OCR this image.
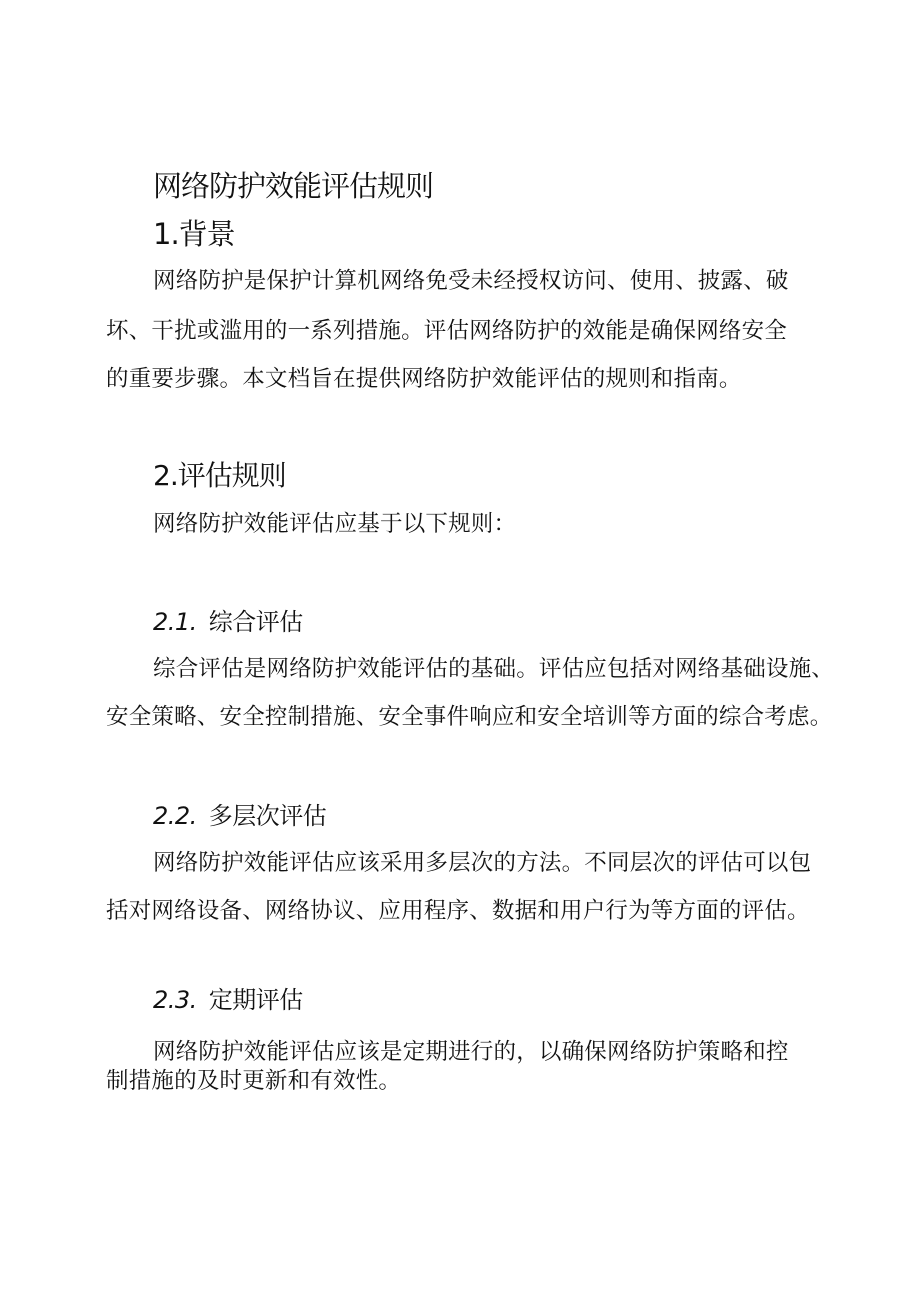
网络防护效能评估规则
1.背景
网络防护是保护计算机网络免受未经授权访问、使用、披露、破
坏、干扰或滥用的一系列措施。评估网络防护的效能是确保网络安全
的重要步骤。本文档旨在提供网络防护效能评估的规则和指南。
2.评估规则
网络防护效能评估应基于以下规则：
2.1. 综合评估
综合评估是网络防护效能评估的基础。评估应包括对网络基础设施、
安全策略、安全控制措施、安全事件响应和安全培训等方面的综合考虑。
2.2. 多层次评估
网络防护效能评估应该采用多层次的方法。不同层次的评估可以包
括对网络设备、网络协议、应用程序、数据和用户行为等方面的评估。
2.3. 定期评估
网络防护效能评估应该是定期进行的，以确保网络防护策略和控
制措施的及时更新和有效性。
